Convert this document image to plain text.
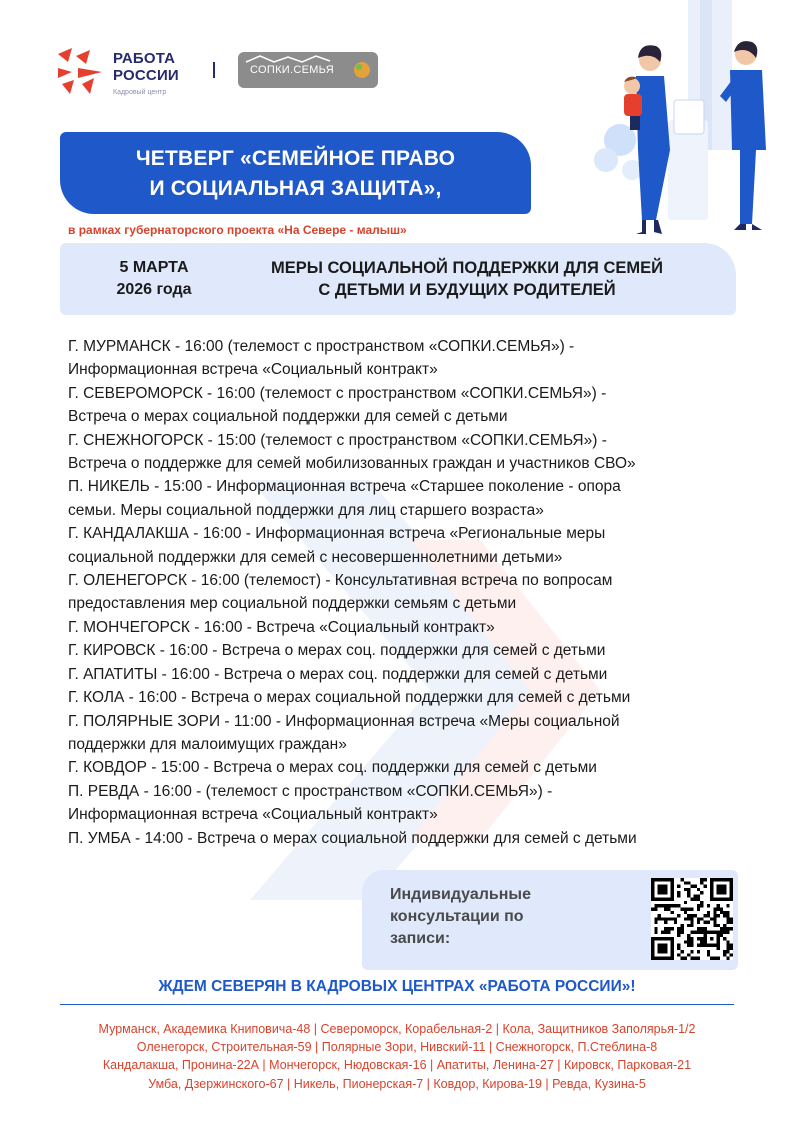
РАБОТА
РОССИИ
Кадровый центр
СОПКИ.СЕМЬЯ
ЧЕТВЕРГ «СЕМЕЙНОЕ ПРАВО
И СОЦИАЛЬНАЯ ЗАЩИТА»,
в рамках губернаторского проекта «На Севере - малыш»
5 МАРТА
2026 года
МЕРЫ СОЦИАЛЬНОЙ ПОДДЕРЖКИ ДЛЯ СЕМЕЙ
С ДЕТЬМИ И БУДУЩИХ РОДИТЕЛЕЙ
Г. МУРМАНСК - 16:00 (телемост с пространством «СОПКИ.СЕМЬЯ») -
Информационная встреча «Социальный контракт»
Г. СЕВЕРОМОРСК - 16:00 (телемост с пространством «СОПКИ.СЕМЬЯ») -
Встреча о мерах социальной поддержки для семей с детьми
Г. СНЕЖНОГОРСК - 15:00 (телемост с пространством «СОПКИ.СЕМЬЯ») -
Встреча о поддержке для семей мобилизованных граждан и участников СВО»
П. НИКЕЛЬ - 15:00 - Информационная встреча «Старшее поколение - опора
семьи. Меры социальной поддержки для лиц старшего возраста»
Г. КАНДАЛАКША - 16:00 - Информационная встреча «Региональные меры
социальной поддержки для семей с несовершеннолетними детьми»
Г. ОЛЕНЕГОРСК - 16:00 (телемост) - Консультативная встреча по вопросам
предоставления мер социальной поддержки семьям с детьми
Г. МОНЧЕГОРСК - 16:00 - Встреча «Социальный контракт»
Г. КИРОВСК - 16:00 - Встреча о мерах соц. поддержки для семей с детьми
Г. АПАТИТЫ - 16:00 - Встреча о мерах соц. поддержки для семей с детьми
Г. КОЛА - 16:00 - Встреча о мерах социальной поддержки для семей с детьми
Г. ПОЛЯРНЫЕ ЗОРИ - 11:00 - Информационная встреча «Меры социальной
поддержки для малоимущих граждан»
Г. КОВДОР - 15:00 - Встреча о мерах соц. поддержки для семей с детьми
П. РЕВДА - 16:00 - (телемост с пространством «СОПКИ.СЕМЬЯ») -
Информационная встреча «Социальный контракт»
П. УМБА - 14:00 - Встреча о мерах социальной поддержки для семей с детьми
Индивидуальные
консультации по
записи:
ЖДЕМ СЕВЕРЯН В КАДРОВЫХ ЦЕНТРАХ «РАБОТА РОССИИ»!
Мурманск, Академика Книповича-48 | Североморск, Корабельная-2 | Кола, Защитников Заполярья-1/2
Оленегорск, Строительная-59 | Полярные Зори, Нивский-11 | Снежногорск, П.Стеблина-8
Кандалакша, Пронина-22А | Мончегорск, Нюдовская-16 | Апатиты, Ленина-27 | Кировск, Парковая-21
Умба, Дзержинского-67 | Никель, Пионерская-7 | Ковдор, Кирова-19 | Ревда, Кузина-5
